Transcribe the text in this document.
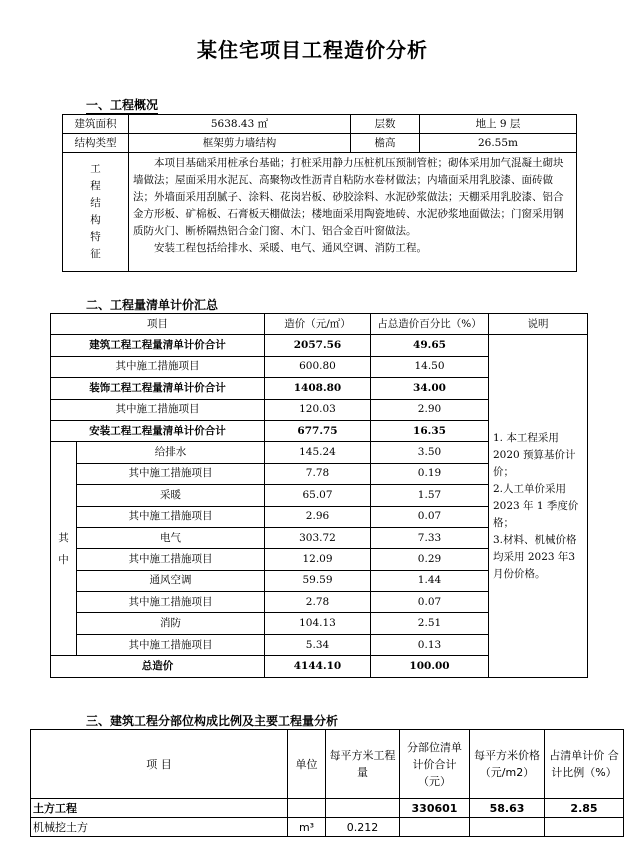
某住宅项目工程造价分析
一、工程概况
建筑面积	5638.43 ㎡	层数	地上 9 层
结构类型	框架剪力墙结构	檐高	26.55m

工程结构特征	本项目基础采用桩承台基础；打桩采用静力压桩机压预制管桩；砌体采用加气混凝土砌块墙做法；屋面采用水泥瓦、高聚物改性沥青自粘防水卷材做法；内墙面采用乳胶漆、面砖做法；外墙面采用刮腻子、涂料、花岗岩板、砂胶涂料、水泥砂浆做法；天棚采用乳胶漆、铝合金方形板、矿棉板、石膏板天棚做法；楼地面采用陶瓷地砖、水泥砂浆地面做法；门窗采用钢质防火门、断桥隔热铝合金门窗、木门、铝合金百叶窗做法。
安装工程包括给排水、采暖、电气、通风空调、消防工程。		
二、工程量清单计价汇总
项目		造价（元/㎡）	占总造价百分比（%）	说明
建筑工程工程量清单计价合计		2057.56	49.65	1. 本工程采用2020 预算基价计价；
2.人工单价采用2023 年 1 季度价格；
3.材料、机械价格均采用 2023 年3 月份价格。

其中施工措施项目		600.80	14.50	
装饰工程工程量清单计价合计		1408.80	34.00	
其中施工措施项目		120.03	2.90	
安装工程工程量清单计价合计		677.75	16.35	

其中	给排水	145.24	3.50	
	其中施工措施项目	7.78	0.19	
	采暖	65.07	1.57	
	其中施工措施项目	2.96	0.07	
	电气	303.72	7.33	
	其中施工措施项目	12.09	0.29	
	通风空调	59.59	1.44	
	其中施工措施项目	2.78	0.07	
	消防	104.13	2.51	
	其中施工措施项目	5.34	0.13	
总造价		4144.10	100.00	
三、建筑工程分部位构成比例及主要工程量分析
项 目	单位	每平方米工程量	分部位清单 计价合计（元）	每平方米价格（元/m2）	占清单计价 合计比例（%）
土方工程			330601	58.63	2.85
机械挖土方	m³	0.212			
